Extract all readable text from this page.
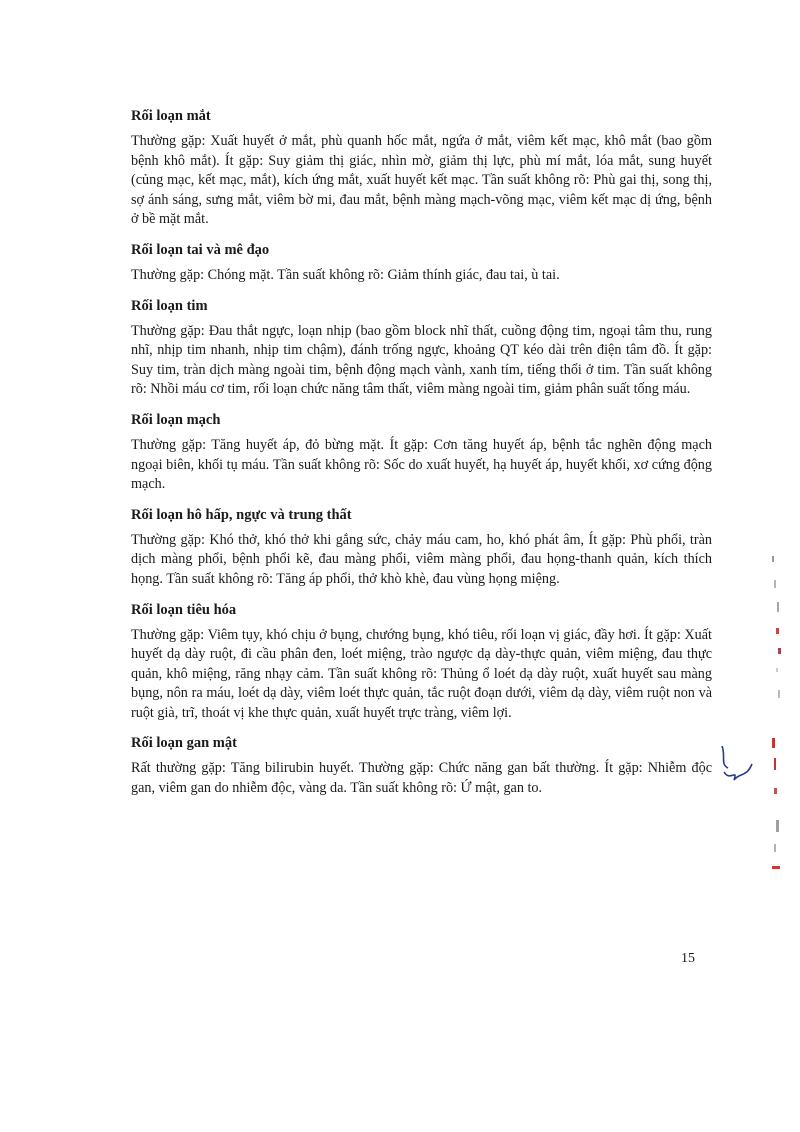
Rối loạn mắt

Thường gặp: Xuất huyết ở mắt, phù quanh hốc mắt, ngứa ở mắt, viêm kết mạc, khô mắt (bao gồm bệnh khô mắt). Ít gặp: Suy giảm thị giác, nhìn mờ, giảm thị lực, phù mí mắt, lóa mắt, sung huyết (củng mạc, kết mạc, mắt), kích ứng mắt, xuất huyết kết mạc. Tần suất không rõ: Phù gai thị, song thị, sợ ánh sáng, sưng mắt, viêm bờ mi, đau mắt, bệnh màng mạch-võng mạc, viêm kết mạc dị ứng, bệnh ở bề mặt mắt.

Rối loạn tai và mê đạo

Thường gặp: Chóng mặt. Tần suất không rõ: Giảm thính giác, đau tai, ù tai.

Rối loạn tim

Thường gặp: Đau thắt ngực, loạn nhịp (bao gồm block nhĩ thất, cuồng động tim, ngoại tâm thu, rung nhĩ, nhịp tim nhanh, nhịp tim chậm), đánh trống ngực, khoảng QT kéo dài trên điện tâm đồ. Ít gặp: Suy tim, tràn dịch màng ngoài tim, bệnh động mạch vành, xanh tím, tiếng thổi ở tim. Tần suất không rõ: Nhồi máu cơ tim, rối loạn chức năng tâm thất, viêm màng ngoài tim, giảm phân suất tống máu.

Rối loạn mạch

Thường gặp: Tăng huyết áp, đỏ bừng mặt. Ít gặp: Cơn tăng huyết áp, bệnh tắc nghẽn động mạch ngoại biên, khối tụ máu. Tần suất không rõ: Sốc do xuất huyết, hạ huyết áp, huyết khối, xơ cứng động mạch.

Rối loạn hô hấp, ngực và trung thất

Thường gặp: Khó thở, khó thở khi gắng sức, chảy máu cam, ho, khó phát âm, Ít gặp: Phù phổi, tràn dịch màng phổi, bệnh phổi kẽ, đau màng phổi, viêm màng phổi, đau họng-thanh quản, kích thích họng. Tần suất không rõ: Tăng áp phổi, thở khò khè, đau vùng họng miệng.

Rối loạn tiêu hóa

Thường gặp: Viêm tụy, khó chịu ở bụng, chướng bụng, khó tiêu, rối loạn vị giác, đầy hơi. Ít gặp: Xuất huyết dạ dày ruột, đi cầu phân đen, loét miệng, trào ngược dạ dày-thực quản, viêm miệng, đau thực quản, khô miệng, răng nhạy cảm. Tần suất không rõ: Thủng ổ loét dạ dày ruột, xuất huyết sau màng bụng, nôn ra máu, loét dạ dày, viêm loét thực quản, tắc ruột đoạn dưới, viêm dạ dày, viêm ruột non và ruột già, trĩ, thoát vị khe thực quản, xuất huyết trực tràng, viêm lợi.

Rối loạn gan mật

Rất thường gặp: Tăng bilirubin huyết. Thường gặp: Chức năng gan bất thường. Ít gặp: Nhiễm độc gan, viêm gan do nhiễm độc, vàng da. Tần suất không rõ: Ứ mật, gan to.

15
